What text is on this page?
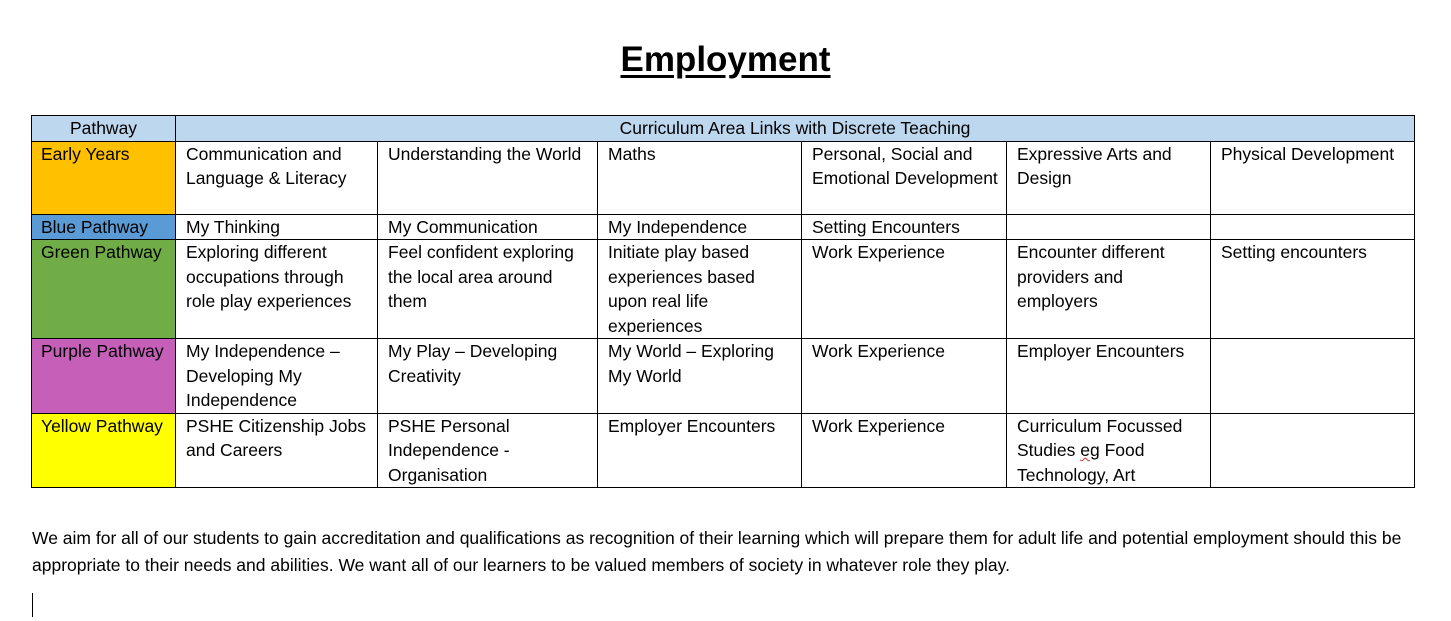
Employment
Pathway	Curriculum Area Links with Discrete Teaching					
Early Years	Communication and Language & Literacy	Understanding the World	Maths	Personal, Social and Emotional Development	Expressive Arts and Design	Physical Development
Blue Pathway	My Thinking	My Communication	My Independence	Setting Encounters		
Green Pathway	Exploring different occupations through role play experiences	Feel confident exploring the local area around them	Initiate play based experiences based upon real life experiences	Work Experience	Encounter different providers and employers	Setting encounters
Purple Pathway	My Independence – Developing My Independence	My Play – Developing Creativity	My World – Exploring My World	Work Experience	Employer Encounters	
Yellow Pathway	PSHE Citizenship Jobs and Careers	PSHE Personal Independence - Organisation	Employer Encounters	Work Experience	Curriculum Focussed Studies eg Food Technology, Art	

We aim for all of our students to gain accreditation and qualifications as recognition of their learning which will prepare them for adult life and potential employment should this be appropriate to their needs and abilities. We want all of our learners to be valued members of society in whatever role they play.
